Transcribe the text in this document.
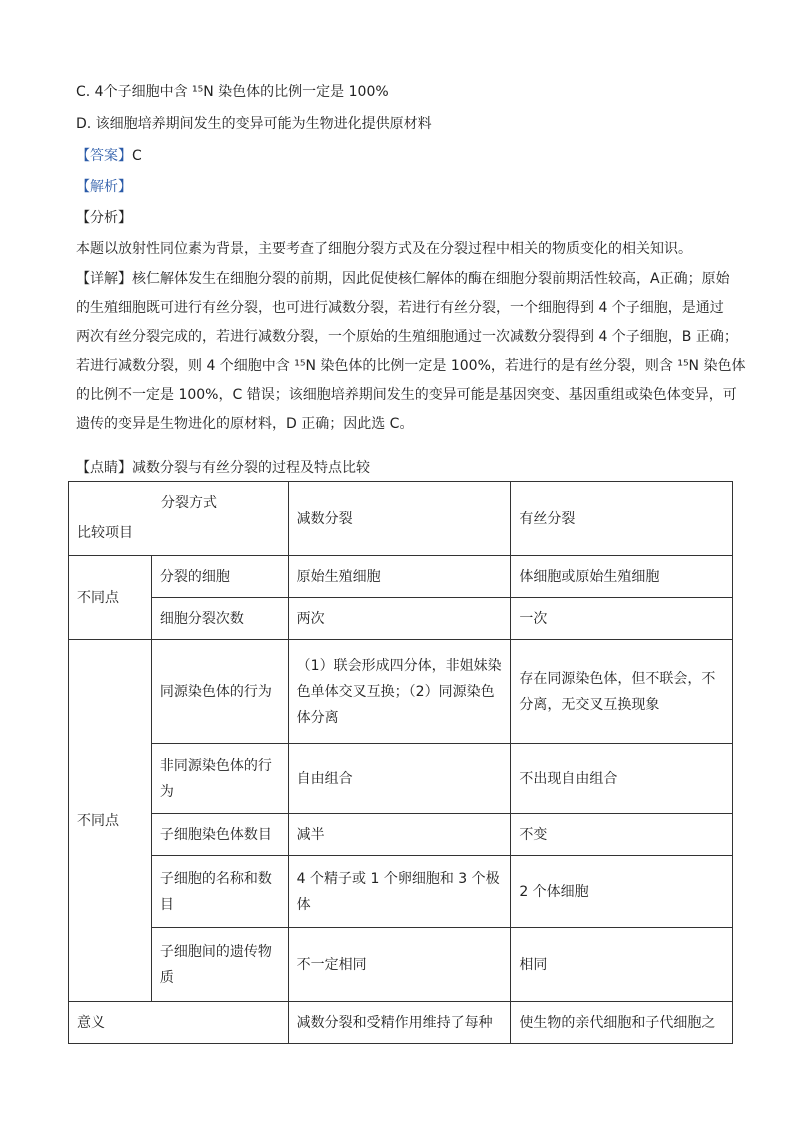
C. 4个子细胞中含 ¹⁵N 染色体的比例一定是 100%
D. 该细胞培养期间发生的变异可能为生物进化提供原材料
【答案】C
【解析】
【分析】
本题以放射性同位素为背景，主要考查了细胞分裂方式及在分裂过程中相关的物质变化的相关知识。
【详解】核仁解体发生在细胞分裂的前期，因此促使核仁解体的酶在细胞分裂前期活性较高，A正确；原始
的生殖细胞既可进行有丝分裂，也可进行减数分裂，若进行有丝分裂，一个细胞得到 4 个子细胞，是通过
两次有丝分裂完成的，若进行减数分裂，一个原始的生殖细胞通过一次减数分裂得到 4 个子细胞，B 正确；
若进行减数分裂，则 4 个细胞中含 ¹⁵N 染色体的比例一定是 100%，若进行的是有丝分裂，则含 ¹⁵N 染色体
的比例不一定是 100%，C 错误；该细胞培养期间发生的变异可能是基因突变、基因重组或染色体变异，可
遗传的变异是生物进化的原材料，D 正确；因此选 C。
【点睛】减数分裂与有丝分裂的过程及特点比较
分裂方式
比较项目		减数分裂	有丝分裂
不同点	分裂的细胞	原始生殖细胞	体细胞或原始生殖细胞
	细胞分裂次数	两次	一次
不同点	同源染色体的行为	（1）联会形成四分体，非姐妹染色单体交叉互换；（2）同源染色体分离	存在同源染色体，但不联会，不分离，无交叉互换现象
	非同源染色体的行为	自由组合	不出现自由组合
	子细胞染色体数目	减半	不变
	子细胞的名称和数目	4 个精子或 1 个卵细胞和 3 个极体	2 个体细胞
	子细胞间的遗传物质	不一定相同	相同
意义		减数分裂和受精作用维持了每种	使生物的亲代细胞和子代细胞之
